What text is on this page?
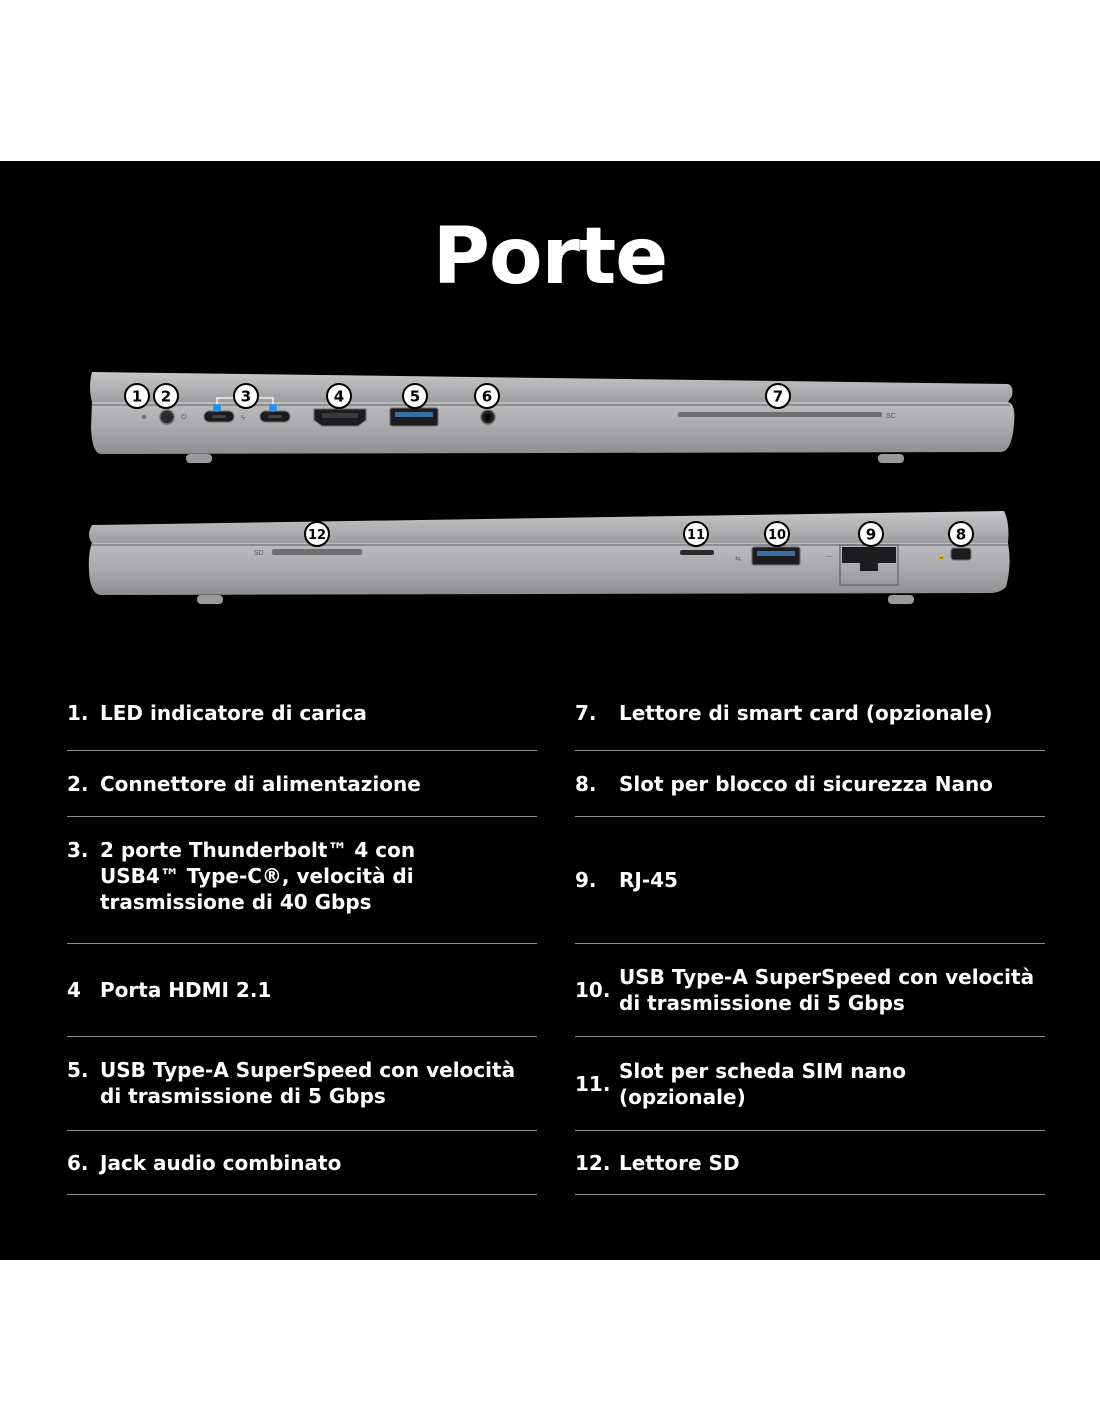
Porte
⏻	ϟ	SC
1 2	3	4	5	6	7
SD
⇆	⋯	🔒
12	11	10	9	8
1. LED indicatore di carica
2. Connettore di alimentazione
3. 2 porte Thunderbolt™ 4 con USB4™ Type-C®, velocità di trasmissione di 40 Gbps
4 Porta HDMI 2.1
5. USB Type-A SuperSpeed con velocità di trasmissione di 5 Gbps
6. Jack audio combinato
7.	Lettore di smart card (opzionale)
8.	Slot per blocco di sicurezza Nano
9.	RJ-45
10.
USB Type-A SuperSpeed con velocità di trasmissione di 5 Gbps
11.
Slot per scheda SIM nano (opzionale)
12. Lettore SD
